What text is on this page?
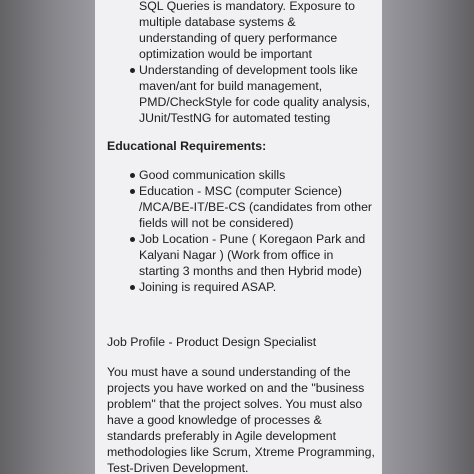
SQL Queries is mandatory. Exposure to multiple database systems & understanding of query performance optimization would be important
Understanding of development tools like maven/ant for build management, PMD/CheckStyle for code quality analysis, JUnit/TestNG for automated testing
Educational Requirements:
Good communication skills
Education - MSC (computer Science) /MCA/BE-IT/BE-CS (candidates from other fields will not be considered)
Job Location - Pune ( Koregaon Park and Kalyani Nagar ) (Work from office in starting 3 months and then Hybrid mode)
Joining is required ASAP.
Job Profile - Product Design Specialist

You must have a sound understanding of the projects you have worked on and the "business problem" that the project solves. You must also have a good knowledge of processes & standards preferably in Agile development methodologies like Scrum, Xtreme Programming, Test-Driven Development.
